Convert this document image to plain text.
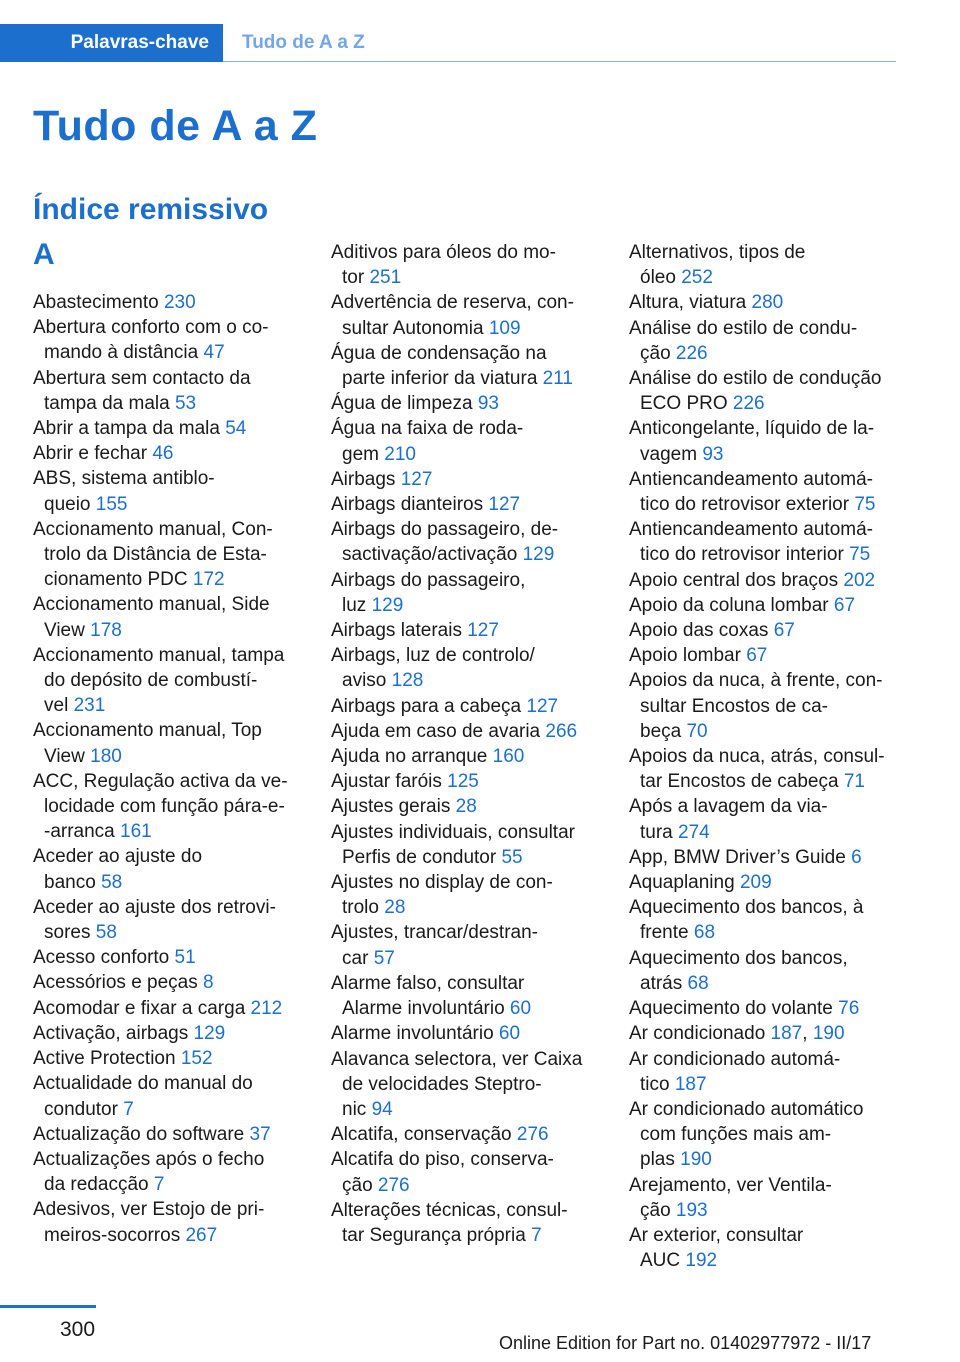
Palavras-chave	Tudo de A a Z
Tudo de A a Z
Índice remissivo
A
Abastecimento 230
Abertura conforto com o co-
mando à distância 47
Abertura sem contacto da
tampa da mala 53
Abrir a tampa da mala 54
Abrir e fechar 46
ABS, sistema antiblo-
queio 155
Accionamento manual, Con-
trolo da Distância de Esta-
cionamento PDC 172
Accionamento manual, Side
View 178
Accionamento manual, tampa
do depósito de combustí-
vel 231
Accionamento manual, Top
View 180
ACC, Regulação activa da ve-
locidade com função pára-e-
-arranca 161
Aceder ao ajuste do
banco 58
Aceder ao ajuste dos retrovi-
sores 58
Acesso conforto 51
Acessórios e peças 8
Acomodar e fixar a carga 212
Activação, airbags 129
Active Protection 152
Actualidade do manual do
condutor 7
Actualização do software 37
Actualizações após o fecho
da redacção 7
Adesivos, ver Estojo de pri-
meiros-socorros 267
Aditivos para óleos do mo-
tor 251
Advertência de reserva, con-
sultar Autonomia 109
Água de condensação na
parte inferior da viatura 211
Água de limpeza 93
Água na faixa de roda-
gem 210
Airbags 127
Airbags dianteiros 127
Airbags do passageiro, de-
sactivação/activação 129
Airbags do passageiro,
luz 129
Airbags laterais 127
Airbags, luz de controlo/
aviso 128
Airbags para a cabeça 127
Ajuda em caso de avaria 266
Ajuda no arranque 160
Ajustar faróis 125
Ajustes gerais 28
Ajustes individuais, consultar
Perfis de condutor 55
Ajustes no display de con-
trolo 28
Ajustes, trancar/destran-
car 57
Alarme falso, consultar
Alarme involuntário 60
Alarme involuntário 60
Alavanca selectora, ver Caixa
de velocidades Steptro-
nic 94
Alcatifa, conservação 276
Alcatifa do piso, conserva-
ção 276
Alterações técnicas, consul-
tar Segurança própria 7
Alternativos, tipos de
óleo 252
Altura, viatura 280
Análise do estilo de condu-
ção 226
Análise do estilo de condução
ECO PRO 226
Anticongelante, líquido de la-
vagem 93
Antiencandeamento automá-
tico do retrovisor exterior 75
Antiencandeamento automá-
tico do retrovisor interior 75
Apoio central dos braços 202
Apoio da coluna lombar 67
Apoio das coxas 67
Apoio lombar 67
Apoios da nuca, à frente, con-
sultar Encostos de ca-
beça 70
Apoios da nuca, atrás, consul-
tar Encostos de cabeça 71
Após a lavagem da via-
tura 274
App, BMW Driver’s Guide 6
Aquaplaning 209
Aquecimento dos bancos, à
frente 68
Aquecimento dos bancos,
atrás 68
Aquecimento do volante 76
Ar condicionado 187, 190
Ar condicionado automá-
tico 187
Ar condicionado automático
com funções mais am-
plas 190
Arejamento, ver Ventila-
ção 193
Ar exterior, consultar
AUC 192
300
Online Edition for Part no. 01402977972 - II/17
